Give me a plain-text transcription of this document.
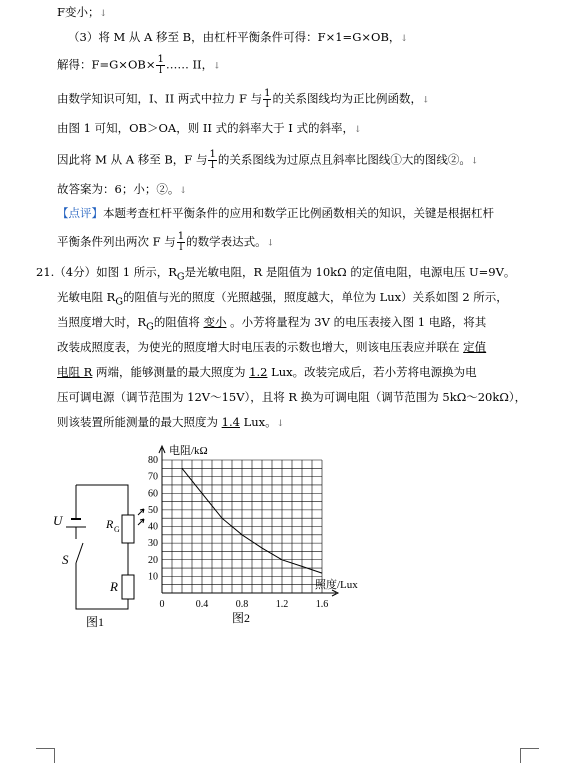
F变小；↓
（3）将 M 从 A 移至 B，由杠杆平衡条件可得：F×1=G×OB，↓
解得：$F=G\times OB\times \frac{1}{l}$ …… II，↓
由数学知识可知，Ⅰ、II 两式中拉力 F 与 $\frac{1}{l}$ 的关系图线均为正比例函数，↓
由图 1 可知，OB＞OA，则 II 式的斜率大于 Ⅰ 式的斜率，↓
因此将 M 从 A 移至 B，F 与 $\frac{1}{l}$ 的关系图线为过原点且斜率比图线①大的图线②。↓
故答案为：6；小；②。↓
【点评】本题考查杠杆平衡条件的应用和数学正比例函数相关的知识，关键是根据杠杆
平衡条件列出两次 F 与 $\frac{1}{l}$ 的数学表达式。↓
21.（4分）如图 1 所示，$R_G$是光敏电阻，R 是阻值为 10kΩ 的定值电阻，电源电压 U=9V。
光敏电阻 $R_G$的阻值与光的照度（光照越强，照度越大，单位为 Lux）关系如图 2 所示，
当照度增大时，$R_G$的阻值将 变小 。小芳将量程为 3V 的电压表接入图 1 电路，将其
改装成照度表，为使光的照度增大时电压表的示数也增大，则该电压表应并联在 定值
电阻 R 两端，能够测量的最大照度为 1.2 Lux。改装完成后，若小芳将电源换为电
压可调电源（调节范围为 12V～15V），且将 R 换为可调电阻（调节范围为 5kΩ～20kΩ），
则该装置所能测量的最大照度为 1.4 Lux。↓
U	R G
S
R
图1
0	0.4	0.8	1.2	1.6
10
20
30
40
50
60
70
80
电阻/kΩ
照度/Lux
图2
